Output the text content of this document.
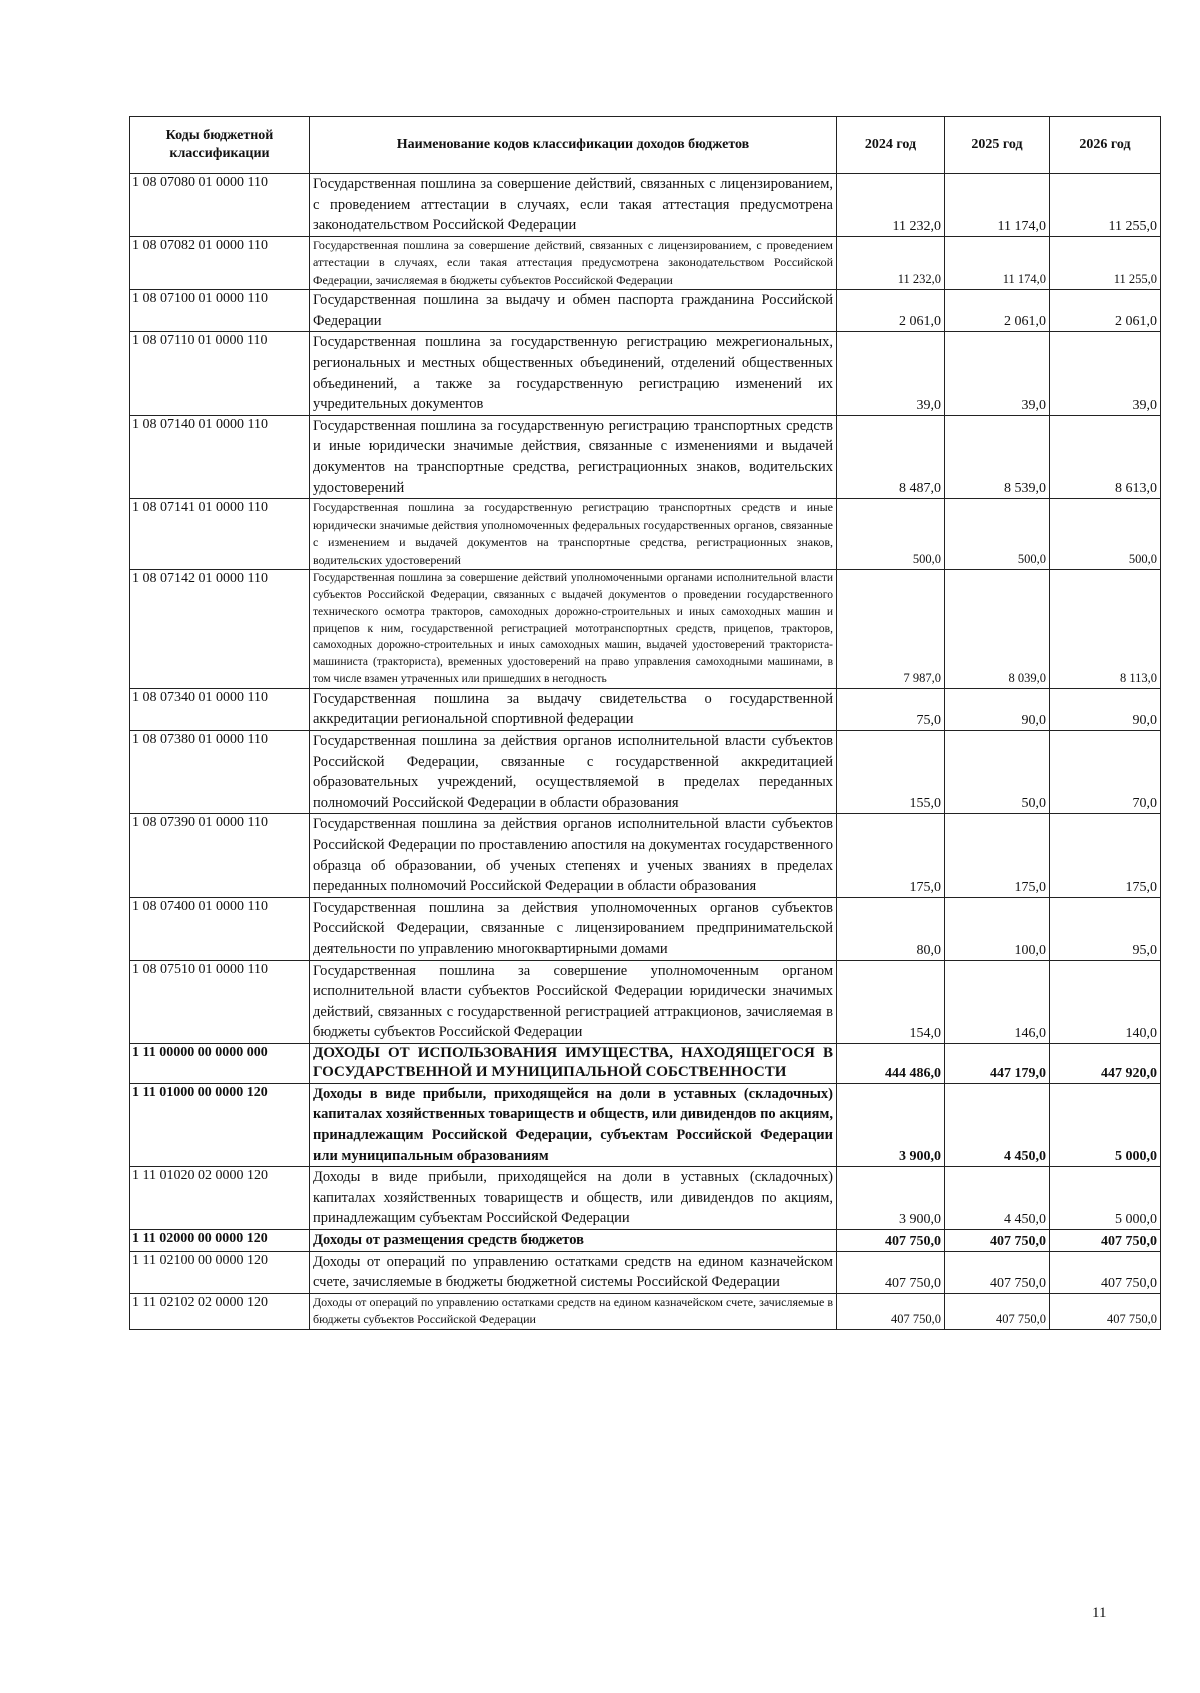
Коды бюджетной классификации	Наименование кодов классификации доходов бюджетов	2024 год	2025 год	2026 год
1 08 07080 01 0000 110	Государственная пошлина за совершение действий, связанных с лицензированием, с проведением аттестации в случаях, если такая аттестация предусмотрена законодательством Российской Федерации	11 232,0	11 174,0	11 255,0
1 08 07082 01 0000 110	Государственная пошлина за совершение действий, связанных с лицензированием, с проведением аттестации в случаях, если такая аттестация предусмотрена законодательством Российской Федерации, зачисляемая в бюджеты субъектов Российской Федерации	11 232,0	11 174,0	11 255,0
1 08 07100 01 0000 110	Государственная пошлина за выдачу и обмен паспорта гражданина Российской Федерации	2 061,0	2 061,0	2 061,0
1 08 07110 01 0000 110	Государственная пошлина за государственную регистрацию межрегиональных, региональных и местных общественных объединений, отделений общественных объединений, а также за государственную регистрацию изменений их учредительных документов	39,0	39,0	39,0
1 08 07140 01 0000 110	Государственная пошлина за государственную регистрацию транспортных средств и иные юридически значимые действия, связанные с изменениями и выдачей документов на транспортные средства, регистрационных знаков, водительских удостоверений	8 487,0	8 539,0	8 613,0
1 08 07141 01 0000 110	Государственная пошлина за государственную регистрацию транспортных средств и иные юридически значимые действия уполномоченных федеральных государственных органов, связанные с изменением и выдачей документов на транспортные средства, регистрационных знаков, водительских удостоверений	500,0	500,0	500,0
1 08 07142 01 0000 110	Государственная пошлина за совершение действий уполномоченными органами исполнительной власти субъектов Российской Федерации, связанных с выдачей документов о проведении государственного технического осмотра тракторов, самоходных дорожно-строительных и иных самоходных машин и прицепов к ним, государственной регистрацией мототранспортных средств, прицепов, тракторов, самоходных дорожно-строительных и иных самоходных машин, выдачей удостоверений тракториста-машиниста (тракториста), временных удостоверений на право управления самоходными машинами, в том числе взамен утраченных или пришедших в негодность	7 987,0	8 039,0	8 113,0
1 08 07340 01 0000 110	Государственная пошлина за выдачу свидетельства о государственной аккредитации региональной спортивной федерации	75,0	90,0	90,0
1 08 07380 01 0000 110	Государственная пошлина за действия органов исполнительной власти субъектов Российской Федерации, связанные с государственной аккредитацией образовательных учреждений, осуществляемой в пределах переданных полномочий Российской Федерации в области образования	155,0	50,0	70,0
1 08 07390 01 0000 110	Государственная пошлина за действия органов исполнительной власти субъектов Российской Федерации по проставлению апостиля на документах государственного образца об образовании, об ученых степенях и ученых званиях в пределах переданных полномочий Российской Федерации в области образования	175,0	175,0	175,0
1 08 07400 01 0000 110	Государственная пошлина за действия уполномоченных органов субъектов Российской Федерации, связанные с лицензированием предпринимательской деятельности по управлению многоквартирными домами	80,0	100,0	95,0
1 08 07510 01 0000 110	Государственная пошлина за совершение уполномоченным органом исполнительной власти субъектов Российской Федерации юридически значимых действий, связанных с государственной регистрацией аттракционов, зачисляемая в бюджеты субъектов Российской Федерации	154,0	146,0	140,0
1 11 00000 00 0000 000	ДОХОДЫ ОТ ИСПОЛЬЗОВАНИЯ ИМУЩЕСТВА, НАХОДЯЩЕГОСЯ В ГОСУДАРСТВЕННОЙ И МУНИЦИПАЛЬНОЙ СОБСТВЕННОСТИ	444 486,0	447 179,0	447 920,0
1 11 01000 00 0000 120	Доходы в виде прибыли, приходящейся на доли в уставных (складочных) капиталах хозяйственных товариществ и обществ, или дивидендов по акциям, принадлежащим Российской Федерации, субъектам Российской Федерации или муниципальным образованиям	3 900,0	4 450,0	5 000,0
1 11 01020 02 0000 120	Доходы в виде прибыли, приходящейся на доли в уставных (складочных) капиталах хозяйственных товариществ и обществ, или дивидендов по акциям, принадлежащим субъектам Российской Федерации	3 900,0	4 450,0	5 000,0
1 11 02000 00 0000 120	Доходы от размещения средств бюджетов	407 750,0	407 750,0	407 750,0
1 11 02100 00 0000 120	Доходы от операций по управлению остатками средств на едином казначейском счете, зачисляемые в бюджеты бюджетной системы Российской Федерации	407 750,0	407 750,0	407 750,0
1 11 02102 02 0000 120	Доходы от операций по управлению остатками средств на едином казначейском счете, зачисляемые в бюджеты субъектов Российской Федерации	407 750,0	407 750,0	407 750,0
11
